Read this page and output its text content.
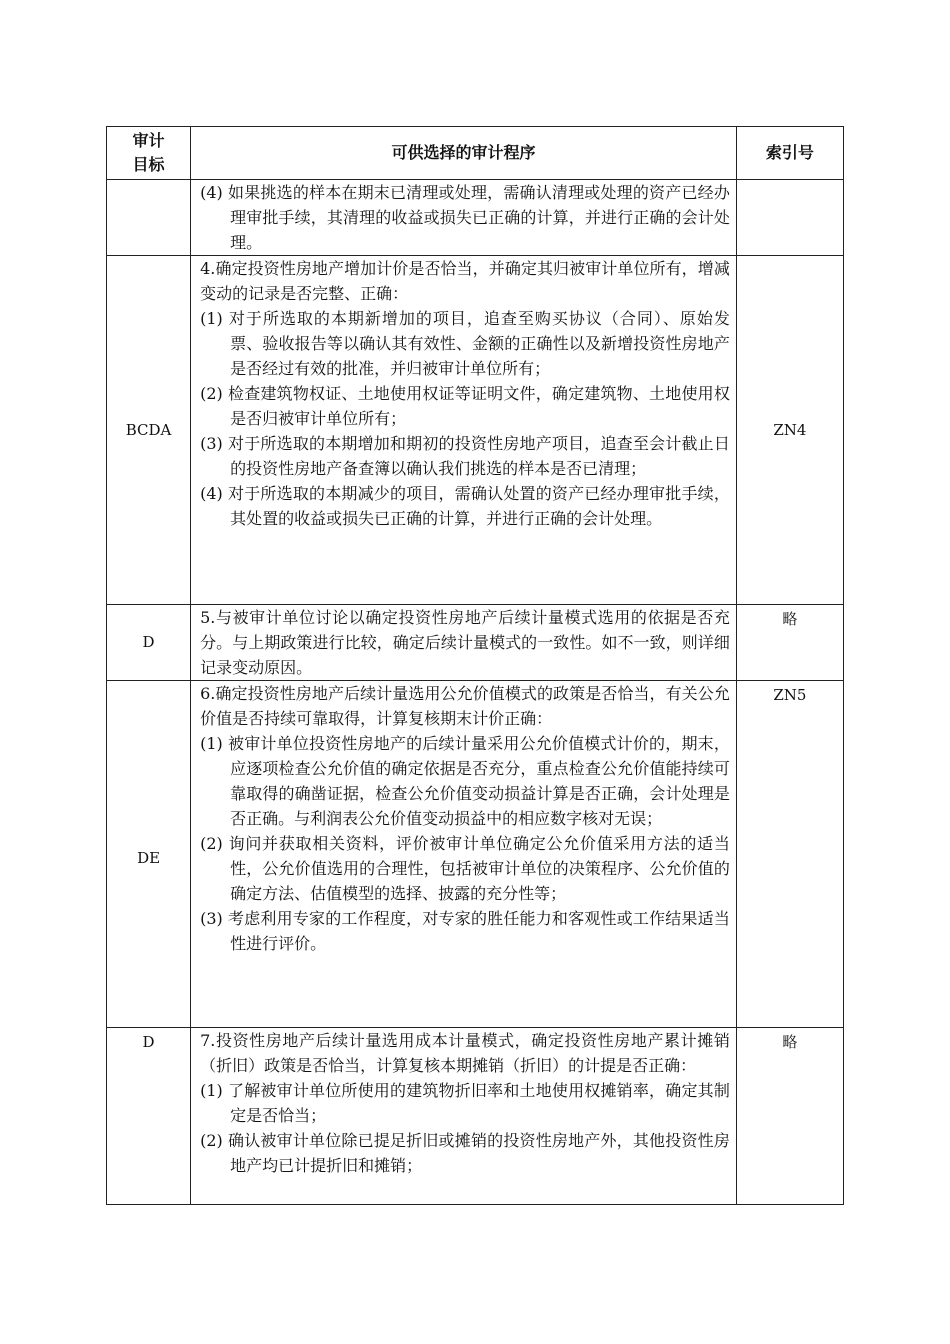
审计
目标	可供选择的审计程序	索引号

	(4) 如果挑选的样本在期末已清理或处理，需确认清理或处理的资产已经办理审批手续，其清理的收益或损失已正确的计算，并进行正确的会计处理。	

BCDA	4.确定投资性房地产增加计价是否恰当，并确定其归被审计单位所有，增减变动的记录是否完整、正确：

(1) 对于所选取的本期新增加的项目，追查至购买协议（合同）、原始发票、验收报告等以确认其有效性、金额的正确性以及新增投资性房地产是否经过有效的批准，并归被审计单位所有；

(2) 检查建筑物权证、土地使用权证等证明文件，确定建筑物、土地使用权是否归被审计单位所有；

(3) 对于所选取的本期增加和期初的投资性房地产项目，追查至会计截止日的投资性房地产备查簿以确认我们挑选的样本是否已清理；

(4) 对于所选取的本期减少的项目，需确认处置的资产已经办理审批手续，其处置的收益或损失已正确的计算，并进行正确的会计处理。	ZN4
D	5.与被审计单位讨论以确定投资性房地产后续计量模式选用的依据是否充分。与上期政策进行比较，确定后续计量模式的一致性。如不一致，则详细记录变动原因。	略
DE	6.确定投资性房地产后续计量选用公允价值模式的政策是否恰当，有关公允价值是否持续可靠取得，计算复核期末计价正确：

(1) 被审计单位投资性房地产的后续计量采用公允价值模式计价的，期末，应逐项检查公允价值的确定依据是否充分，重点检查公允价值能持续可靠取得的确凿证据，检查公允价值变动损益计算是否正确，会计处理是否正确。与利润表公允价值变动损益中的相应数字核对无误；

(2) 询问并获取相关资料，评价被审计单位确定公允价值采用方法的适当性，公允价值选用的合理性，包括被审计单位的决策程序、公允价值的确定方法、估值模型的选择、披露的充分性等；

(3) 考虑利用专家的工作程度，对专家的胜任能力和客观性或工作结果适当性进行评价。	ZN5
D	7.投资性房地产后续计量选用成本计量模式，确定投资性房地产累计摊销（折旧）政策是否恰当，计算复核本期摊销（折旧）的计提是否正确：

(1) 了解被审计单位所使用的建筑物折旧率和土地使用权摊销率，确定其制定是否恰当；

(2) 确认被审计单位除已提足折旧或摊销的投资性房地产外，其他投资性房地产均已计提折旧和摊销；	略
